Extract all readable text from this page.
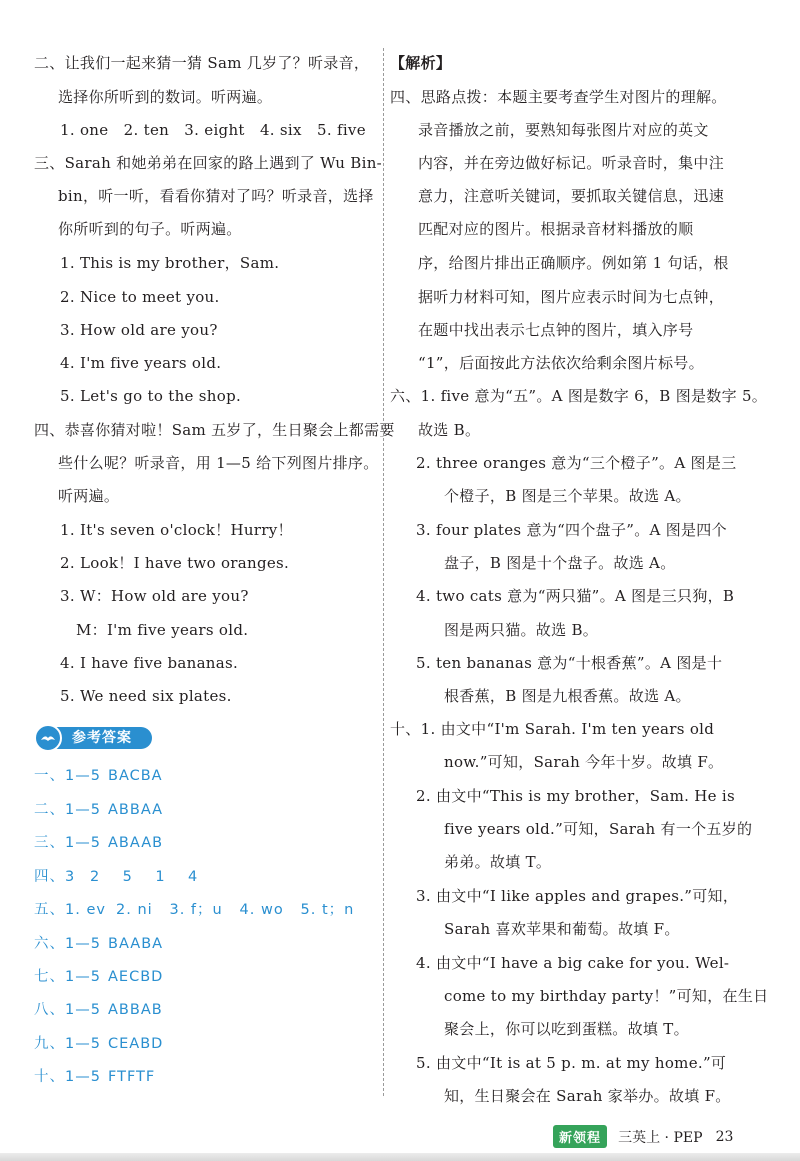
二、让我们一起来猜一猜 Sam 几岁了？听录音，
选择你所听到的数词。听两遍。
1. one   2. ten   3. eight   4. six   5. five
三、Sarah 和她弟弟在回家的路上遇到了 Wu Bin-
bin，听一听，看看你猜对了吗？听录音，选择
你所听到的句子。听两遍。
1. This is my brother，Sam.
2. Nice to meet you.
3. How old are you?
4. I'm five years old.
5. Let's go to the shop.
四、恭喜你猜对啦！Sam 五岁了，生日聚会上都需要
些什么呢？听录音，用 1—5 给下列图片排序。
听两遍。
1. It's seven o'clock！Hurry！
2. Look！I have two oranges.
3. W：How old are you?
M：I'm five years old.
4. I have five bananas.
5. We need six plates.
参考答案
一、1—5 BACBA
二、1—5 ABBAA
三、1—5 ABAAB
四、3 2    5    1    4
五、1. ev 2. ni   3. f；u   4. wo   5. t；n
六、1—5 BAABA
七、1—5 AECBD
八、1—5 ABBAB
九、1—5 CEABD
十、1—5 FTFTF
【解析】
四、思路点拨：本题主要考查学生对图片的理解。
录音播放之前，要熟知每张图片对应的英文
内容，并在旁边做好标记。听录音时，集中注
意力，注意听关键词，要抓取关键信息，迅速
匹配对应的图片。根据录音材料播放的顺
序，给图片排出正确顺序。例如第 1 句话，根
据听力材料可知，图片应表示时间为七点钟，
在题中找出表示七点钟的图片，填入序号
“1”，后面按此方法依次给剩余图片标号。
六、1. five 意为“五”。A 图是数字 6，B 图是数字 5。
故选 B。
2. three oranges 意为“三个橙子”。A 图是三
个橙子，B 图是三个苹果。故选 A。
3. four plates 意为“四个盘子”。A 图是四个
盘子，B 图是十个盘子。故选 A。
4. two cats 意为“两只猫”。A 图是三只狗，B
图是两只猫。故选 B。
5. ten bananas 意为“十根香蕉”。A 图是十
根香蕉，B 图是九根香蕉。故选 A。
十、1. 由文中“I'm Sarah. I'm ten years old
now.”可知，Sarah 今年十岁。故填 F。
2. 由文中“This is my brother，Sam. He is
five years old.”可知，Sarah 有一个五岁的
弟弟。故填 T。
3. 由文中“I like apples and grapes.”可知，
Sarah 喜欢苹果和葡萄。故填 F。
4. 由文中“I have a big cake for you. Wel-
come to my birthday party！”可知，在生日
聚会上，你可以吃到蛋糕。故填 T。
5. 由文中“It is at 5 p. m. at my home.”可
知，生日聚会在 Sarah 家举办。故填 F。
新领程 三英上 · PEP 23
